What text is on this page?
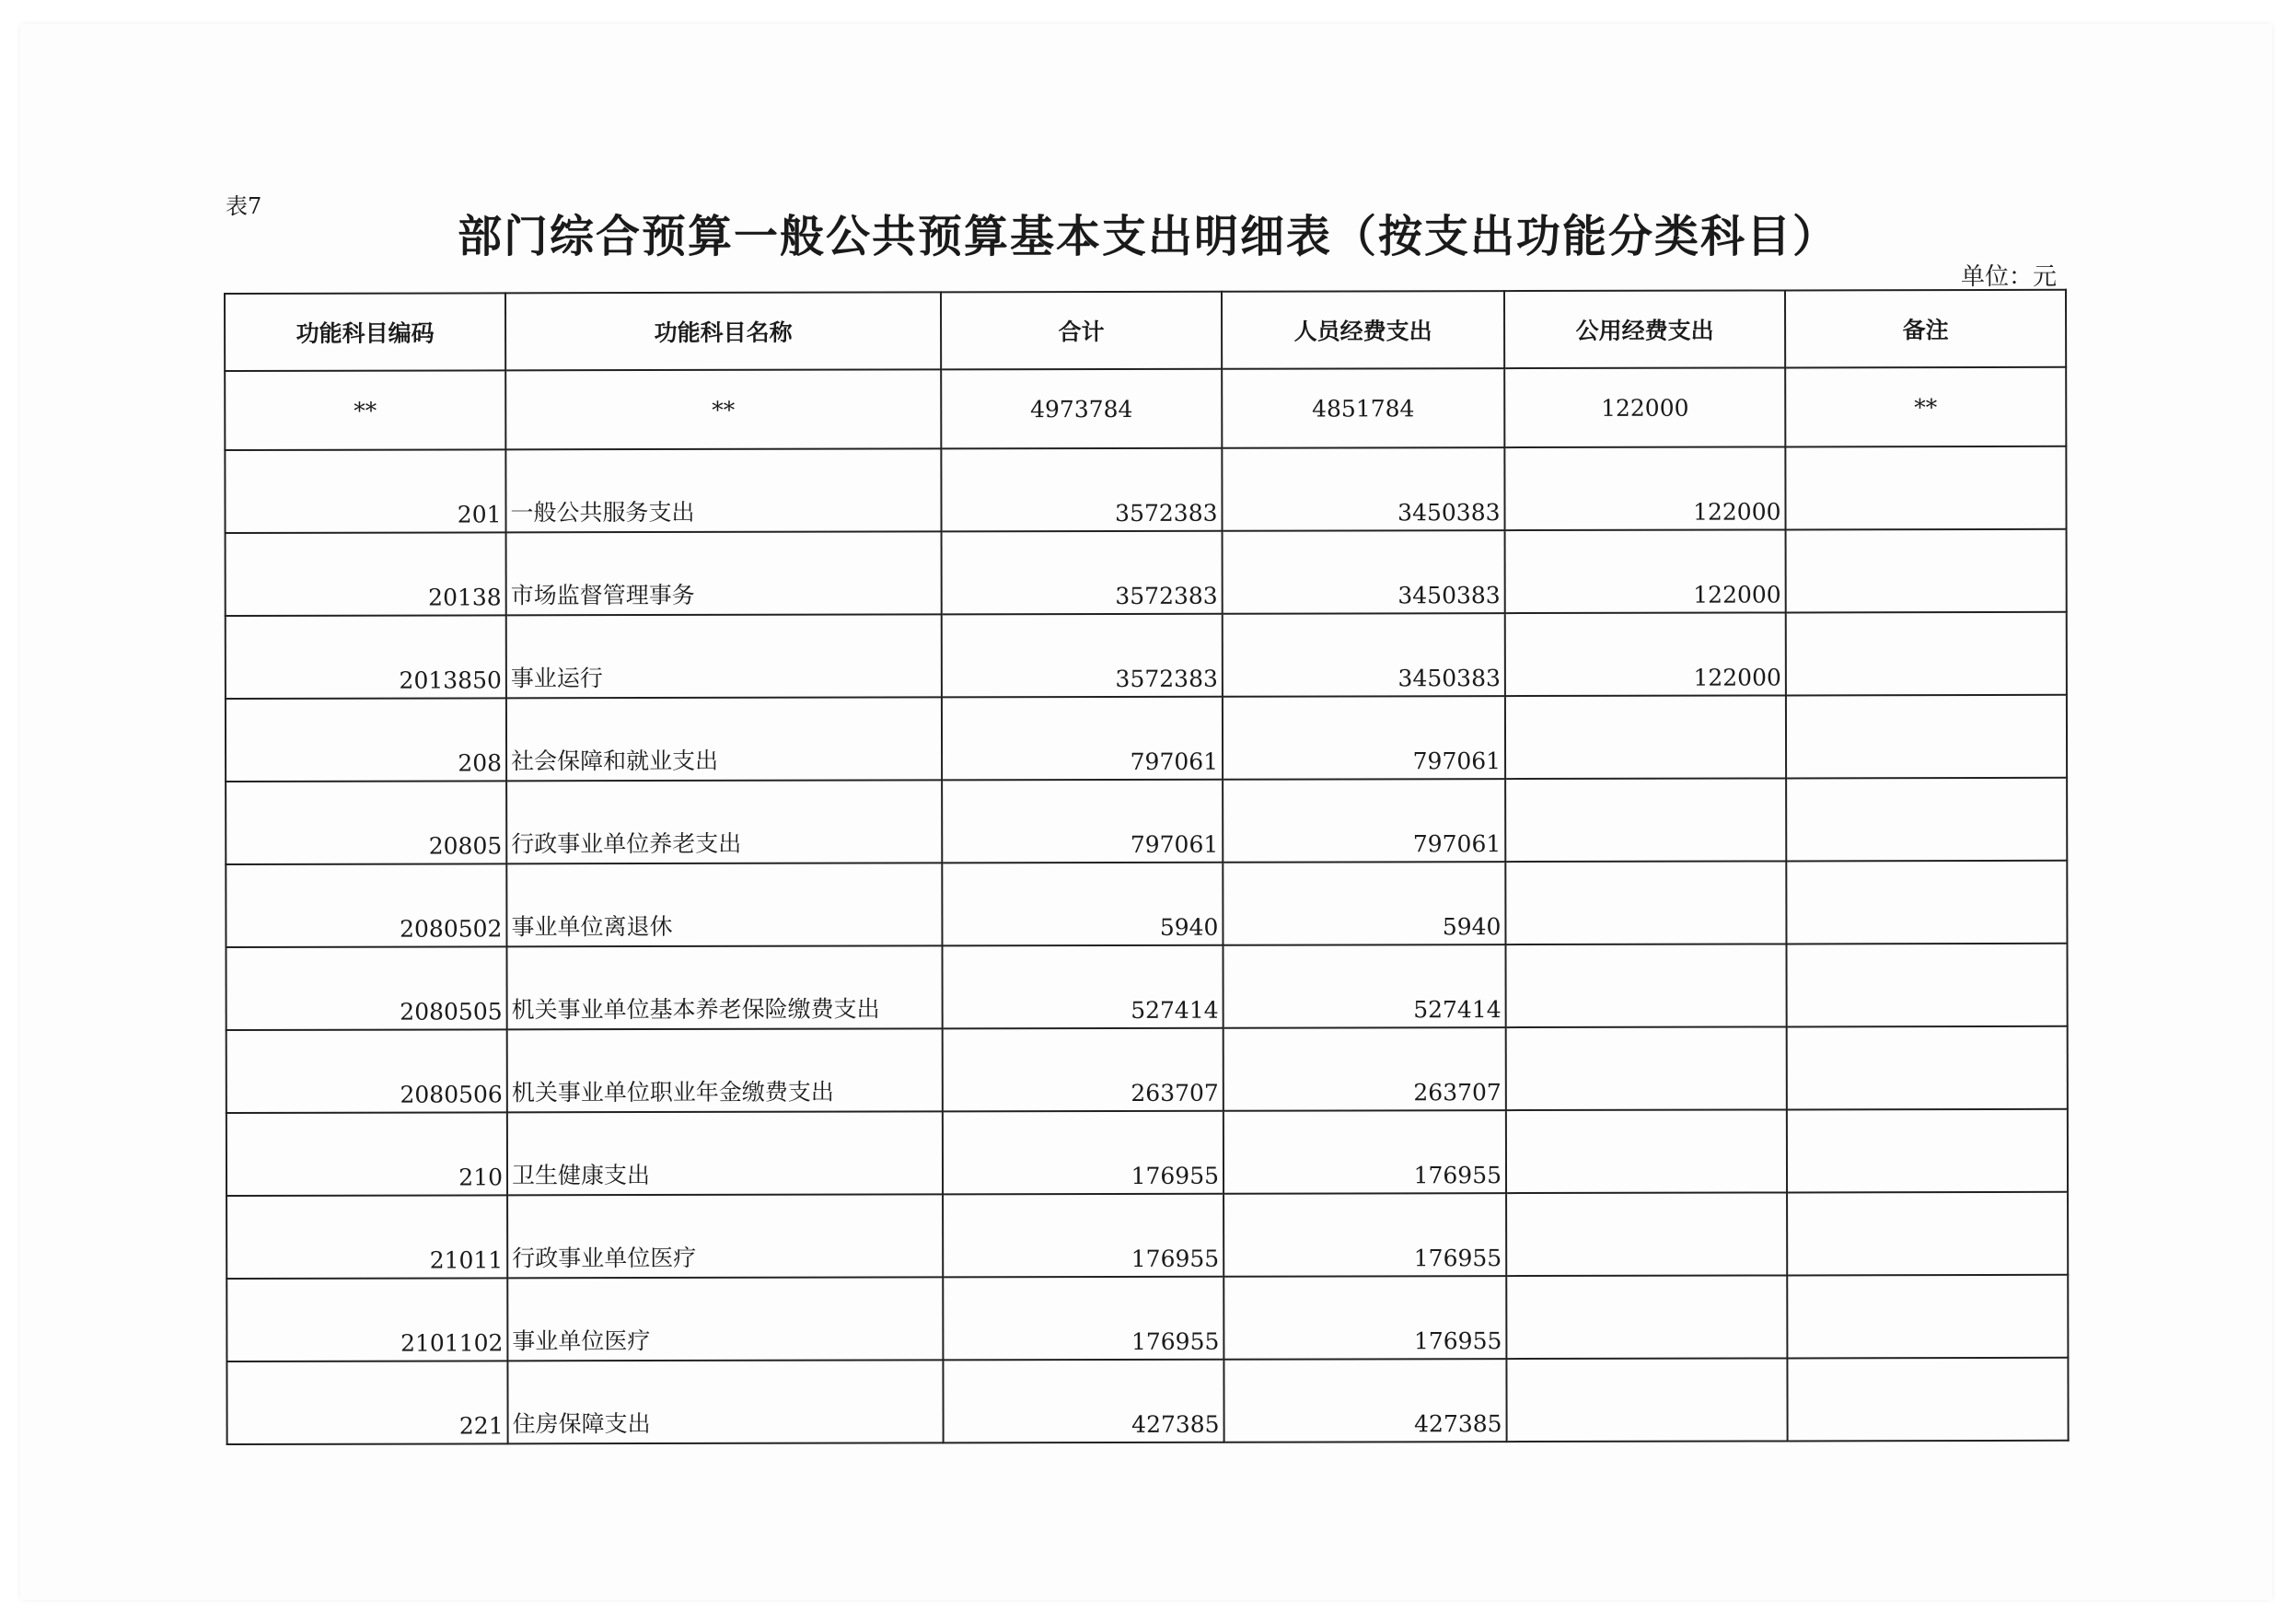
表7
部门综合预算一般公共预算基本支出明细表（按支出功能分类科目）
单位：元
功能科目编码	功能科目名称	合计	人员经费支出	公用经费支出	备注
**	**	4973784	4851784	122000	**
201	一般公共服务支出	3572383	3450383	122000	
20138	市场监督管理事务	3572383	3450383	122000	
2013850	事业运行	3572383	3450383	122000	
208	社会保障和就业支出	797061	797061		
20805	行政事业单位养老支出	797061	797061		
2080502	事业单位离退休	5940	5940		
2080505	机关事业单位基本养老保险缴费支出	527414	527414		
2080506	机关事业单位职业年金缴费支出	263707	263707		
210	卫生健康支出	176955	176955		
21011	行政事业单位医疗	176955	176955		
2101102	事业单位医疗	176955	176955		
221	住房保障支出	427385	427385		
